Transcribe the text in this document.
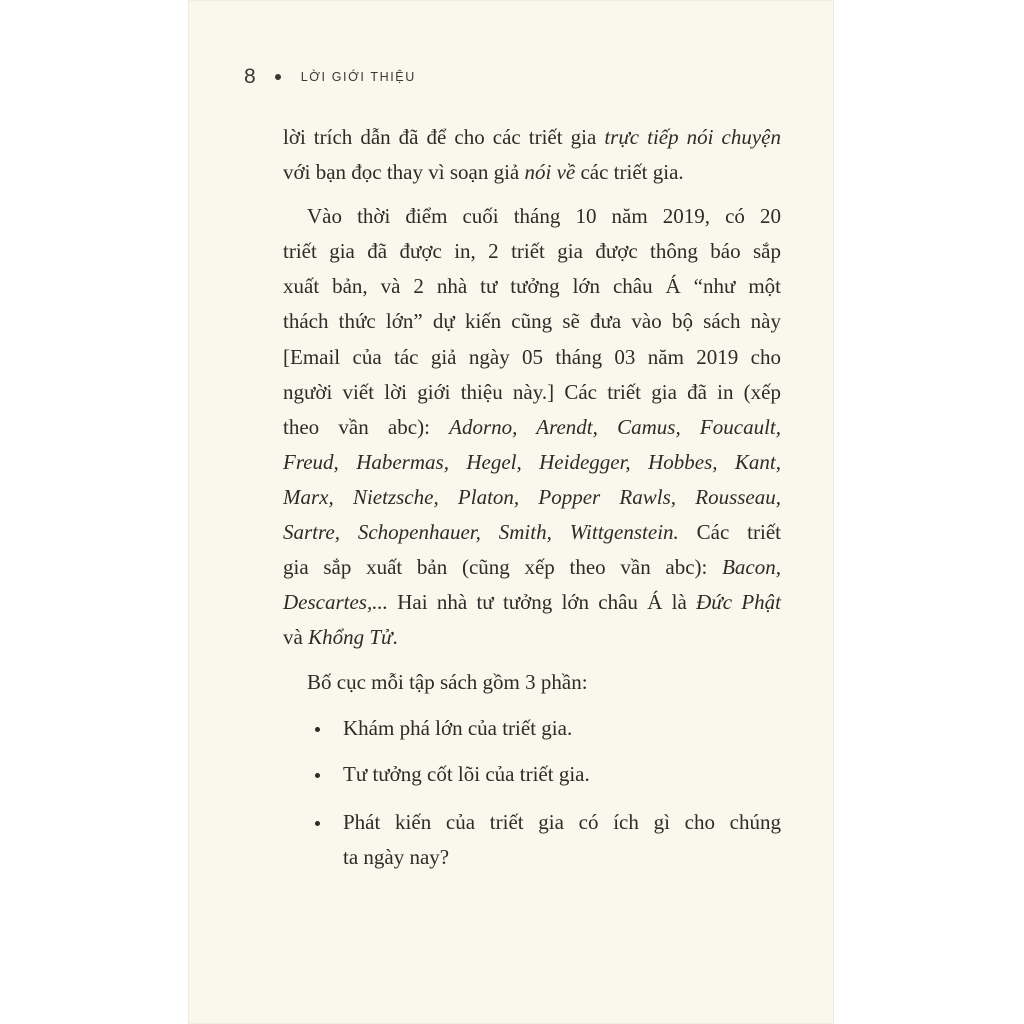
8	LỜI GIỚI THIỆU
lời trích dẫn đã để cho các triết gia trực tiếp nói chuyện
với bạn đọc thay vì soạn giả nói về các triết gia.
Vào thời điểm cuối tháng 10 năm 2019, có 20
triết gia đã được in, 2 triết gia được thông báo sắp
xuất bản, và 2 nhà tư tưởng lớn châu Á “như một
thách thức lớn” dự kiến cũng sẽ đưa vào bộ sách này
[Email của tác giả ngày 05 tháng 03 năm 2019 cho
người viết lời giới thiệu này.] Các triết gia đã in (xếp
theo vần abc): Adorno, Arendt, Camus, Foucault,
Freud, Habermas, Hegel, Heidegger, Hobbes, Kant,
Marx, Nietzsche, Platon, Popper Rawls, Rousseau,
Sartre, Schopenhauer, Smith, Wittgenstein. Các triết
gia sắp xuất bản (cũng xếp theo vần abc): Bacon,
Descartes,... Hai nhà tư tưởng lớn châu Á là Đức Phật
và Khổng Tử.
Bố cục mỗi tập sách gồm 3 phần:
Khám phá lớn của triết gia.
Tư tưởng cốt lõi của triết gia.
Phát kiến của triết gia có ích gì cho chúng
ta ngày nay?
